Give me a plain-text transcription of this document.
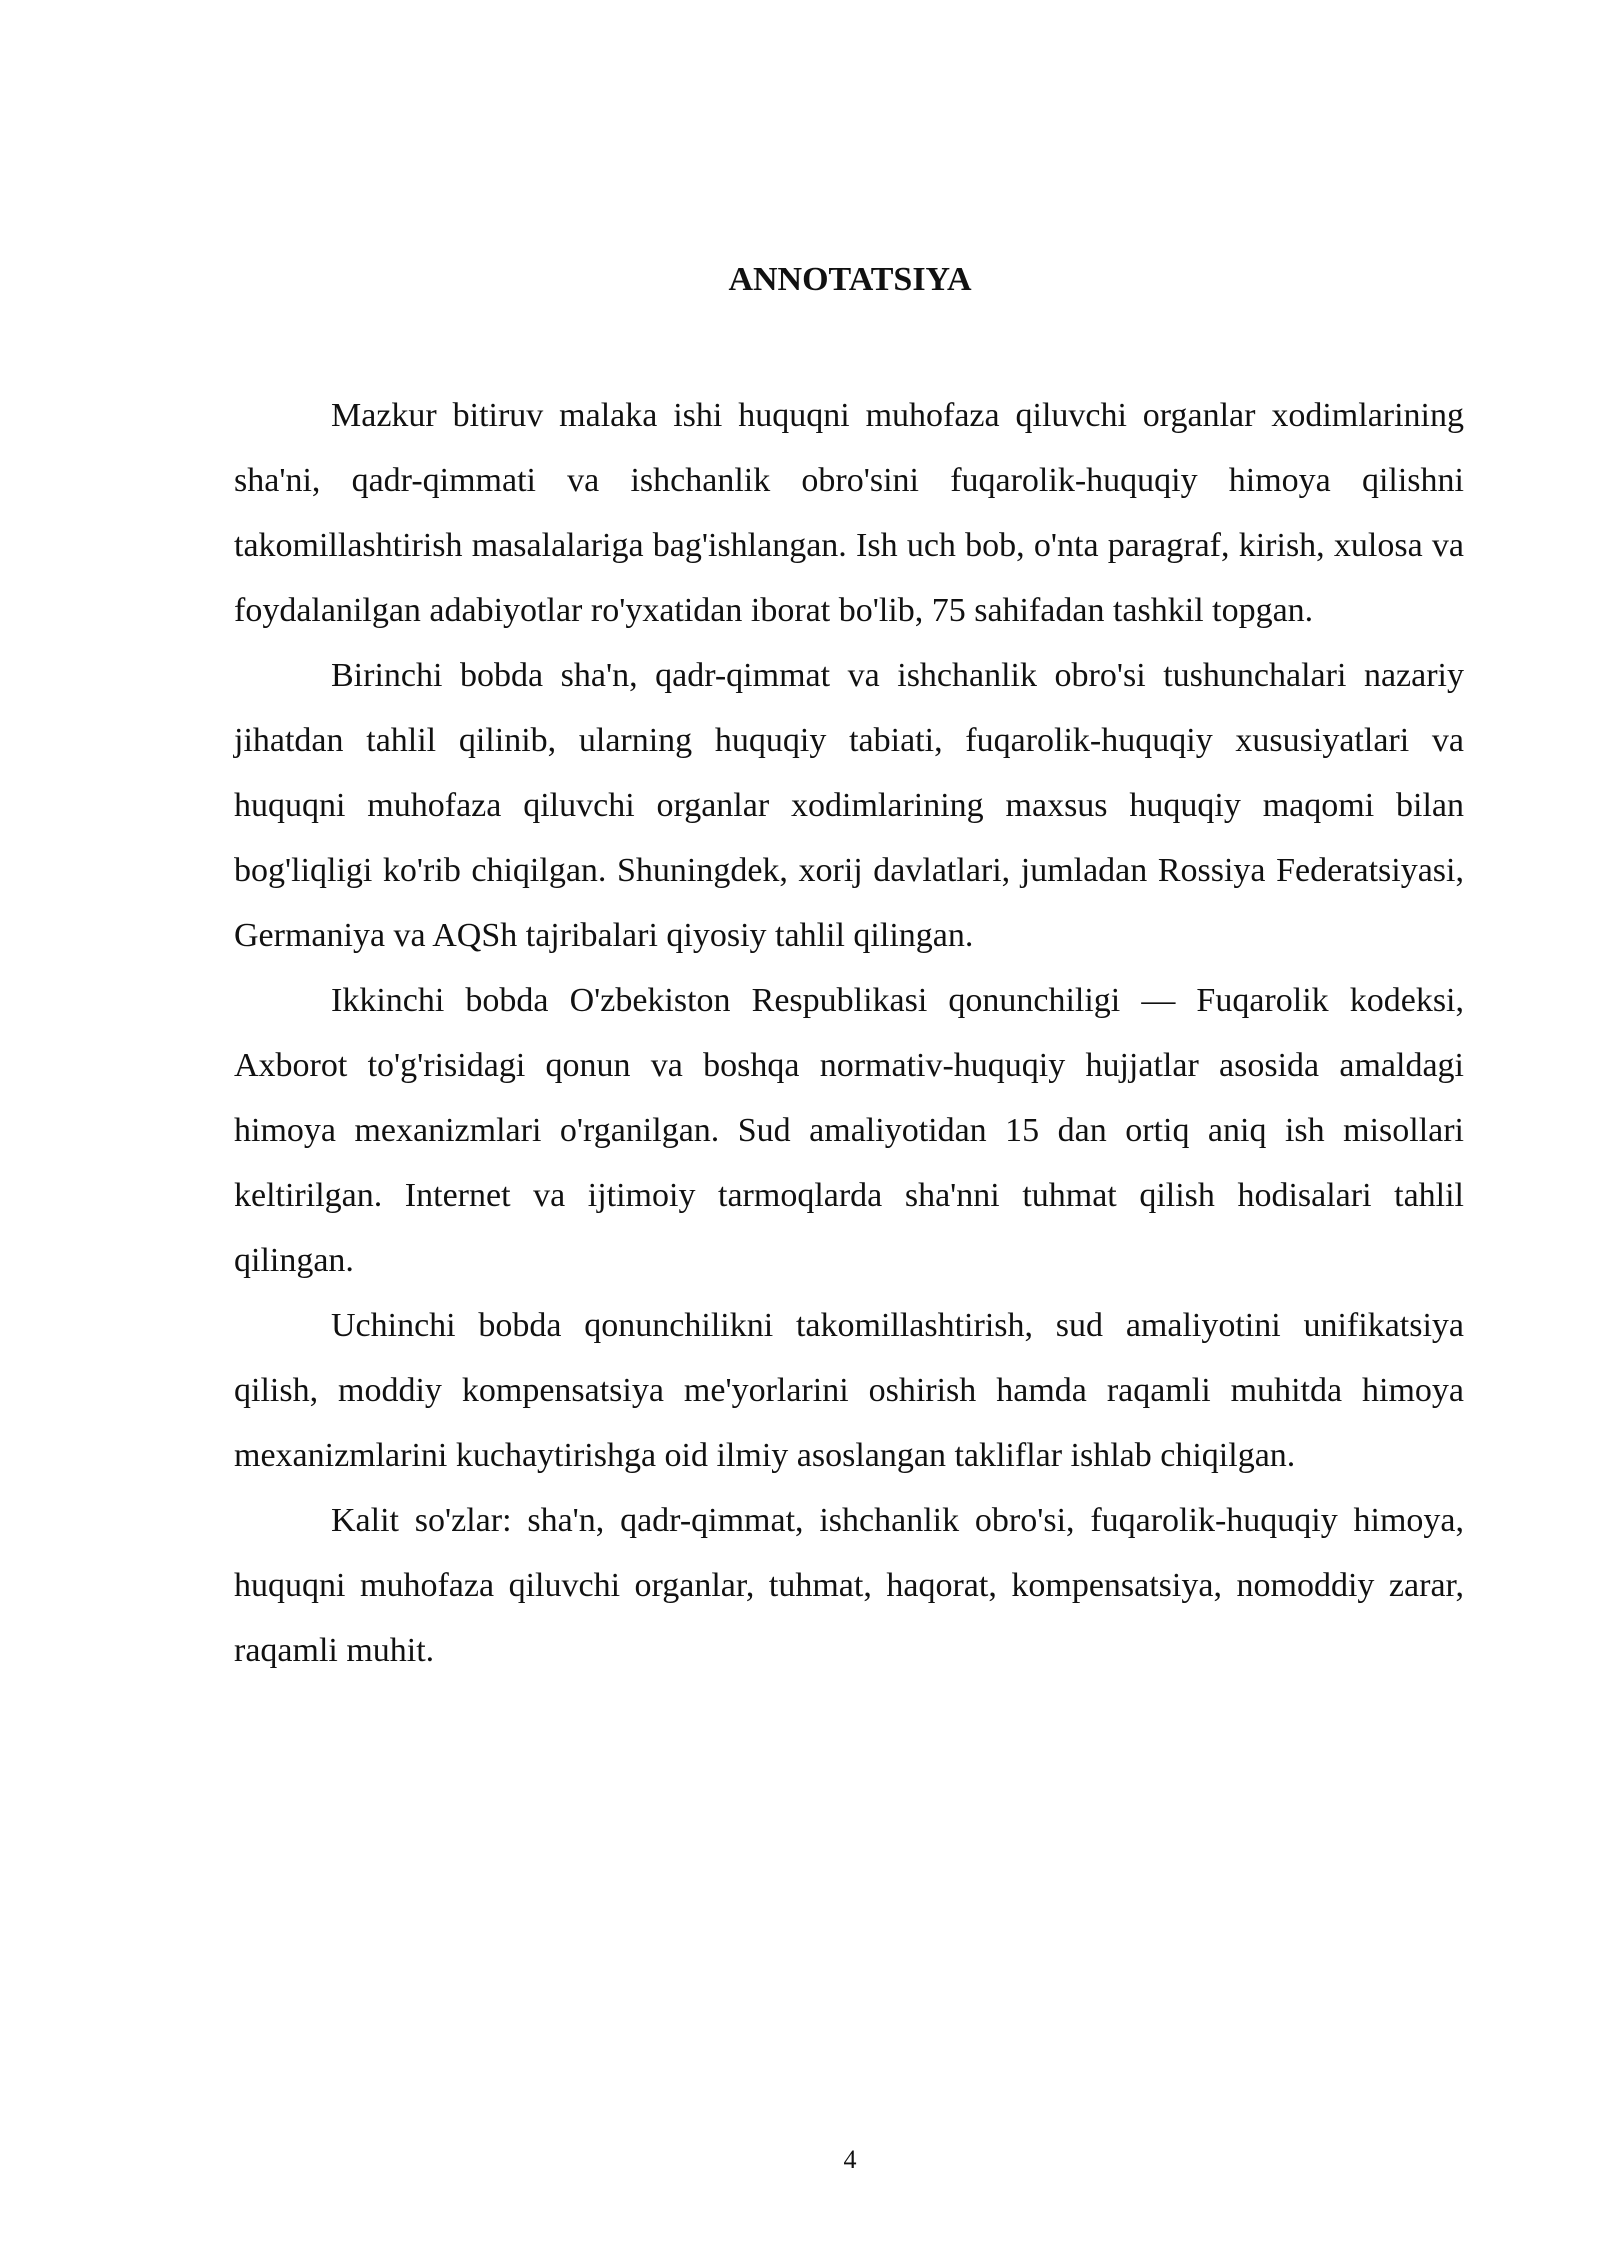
ANNOTATSIYA

Mazkur bitiruv malaka ishi huquqni muhofaza qiluvchi organlar xodimlarining sha'ni, qadr-qimmati va ishchanlik obro'sini fuqarolik-huquqiy himoya qilishni takomillashtirish masalalariga bag'ishlangan. Ish uch bob, o'nta paragraf, kirish, xulosa va foydalanilgan adabiyotlar ro'yxatidan iborat bo'lib, 75 sahifadan tashkil topgan.

Birinchi bobda sha'n, qadr-qimmat va ishchanlik obro'si tushunchalari nazariy jihatdan tahlil qilinib, ularning huquqiy tabiati, fuqarolik-huquqiy xususiyatlari va huquqni muhofaza qiluvchi organlar xodimlarining maxsus huquqiy maqomi bilan bog'liqligi ko'rib chiqilgan. Shuningdek, xorij davlatlari, jumladan Rossiya Federatsiyasi, Germaniya va AQSh tajribalari qiyosiy tahlil qilingan.

Ikkinchi bobda O'zbekiston Respublikasi qonunchiligi — Fuqarolik kodeksi, Axborot to'g'risidagi qonun va boshqa normativ-huquqiy hujjatlar asosida amaldagi himoya mexanizmlari o'rganilgan. Sud amaliyotidan 15 dan ortiq aniq ish misollari keltirilgan. Internet va ijtimoiy tarmoqlarda sha'nni tuhmat qilish hodisalari tahlil qilingan.

Uchinchi bobda qonunchilikni takomillashtirish, sud amaliyotini unifikatsiya qilish, moddiy kompensatsiya me'yorlarini oshirish hamda raqamli muhitda himoya mexanizmlarini kuchaytirishga oid ilmiy asoslangan takliflar ishlab chiqilgan.

Kalit so'zlar: sha'n, qadr-qimmat, ishchanlik obro'si, fuqarolik-huquqiy himoya, huquqni muhofaza qiluvchi organlar, tuhmat, haqorat, kompensatsiya, nomoddiy zarar, raqamli muhit.

4
